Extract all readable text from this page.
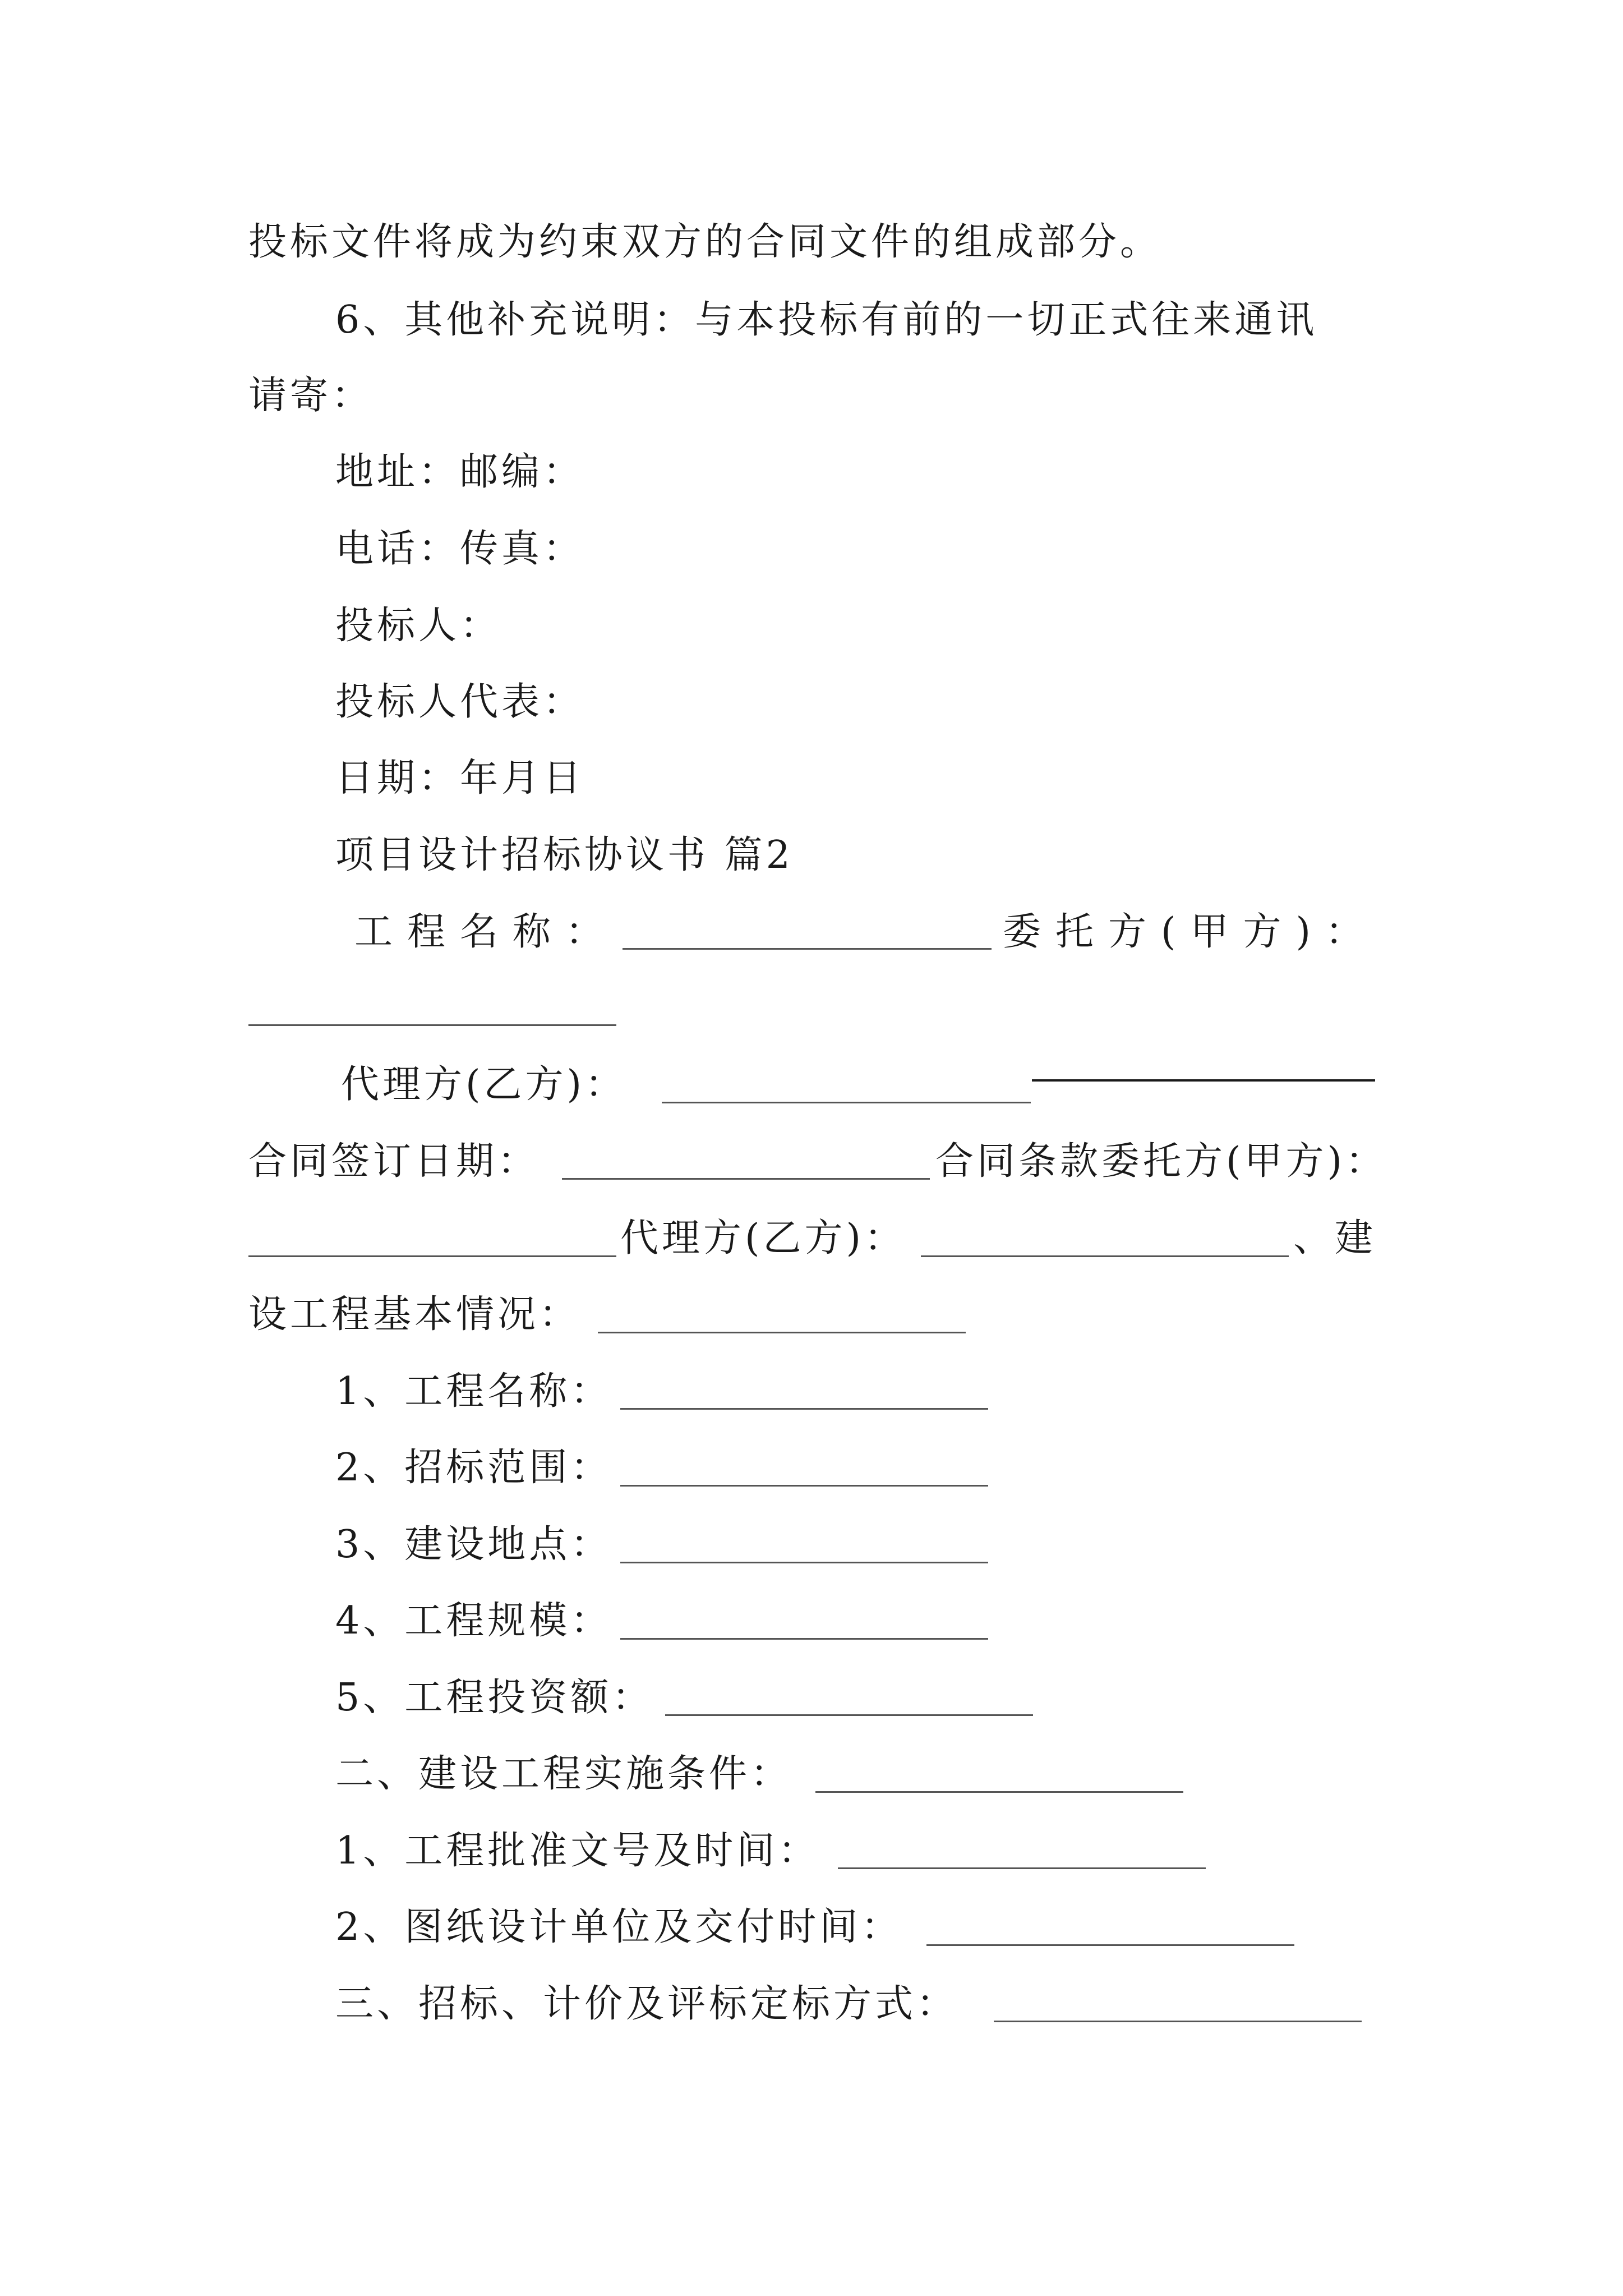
投标文件将成为约束双方的合同文件的组成部分。
6、其他补充说明：与本投标有前的一切正式往来通讯
请寄：
地址：邮编：
电话：传真：
投标人：
投标人代表：
日期：年月日
项目设计招标协议书 篇2
工程名称：	委托方(甲方)：
代理方(乙方)：
合同签订日期：	合同条款委托方(甲方)：
代理方(乙方)：	、建
设工程基本情况：
1、工程名称：
2、招标范围：
3、建设地点：
4、工程规模：
5、工程投资额：
二、建设工程实施条件：
1、工程批准文号及时间：
2、图纸设计单位及交付时间：
三、招标、计价及评标定标方式：
